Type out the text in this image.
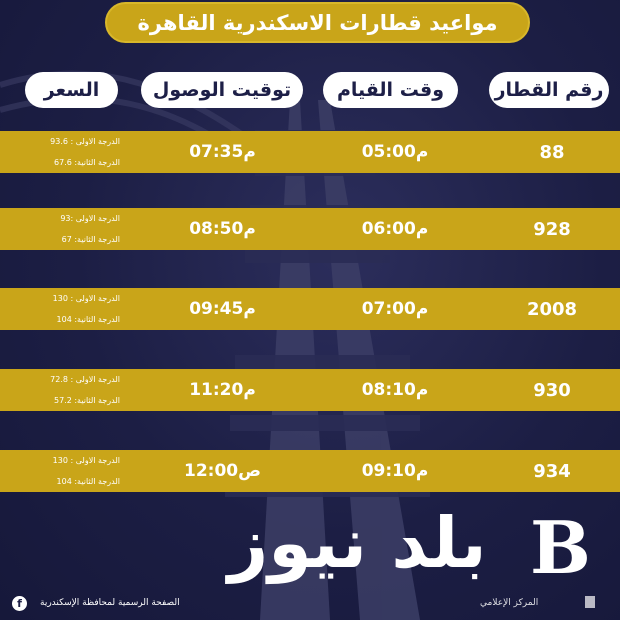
مواعيد قطارات الاسكندرية القاهرة
رقم القطار
وقت القيام
توقيت الوصول
السعر
88
05:00م
07:35م
الدرجة الاولى : 93.6
الدرجة الثانية: 67.6
928
06:00م
08:50م
الدرجة الاولى :93
الدرجة الثانية: 67
2008
07:00م
09:45م
الدرجة الاولى : 130
الدرجة الثانية: 104
930
08:10م
11:20م
الدرجة الاولى : 72.8
الدرجة الثانية: 57.2
934
09:10م
12:00ص
الدرجة الاولى : 130
الدرجة الثانية: 104
بلد نيوز B
f	الصفحة الرسمية لمحافظة الإسكندرية	المركز الإعلامي
